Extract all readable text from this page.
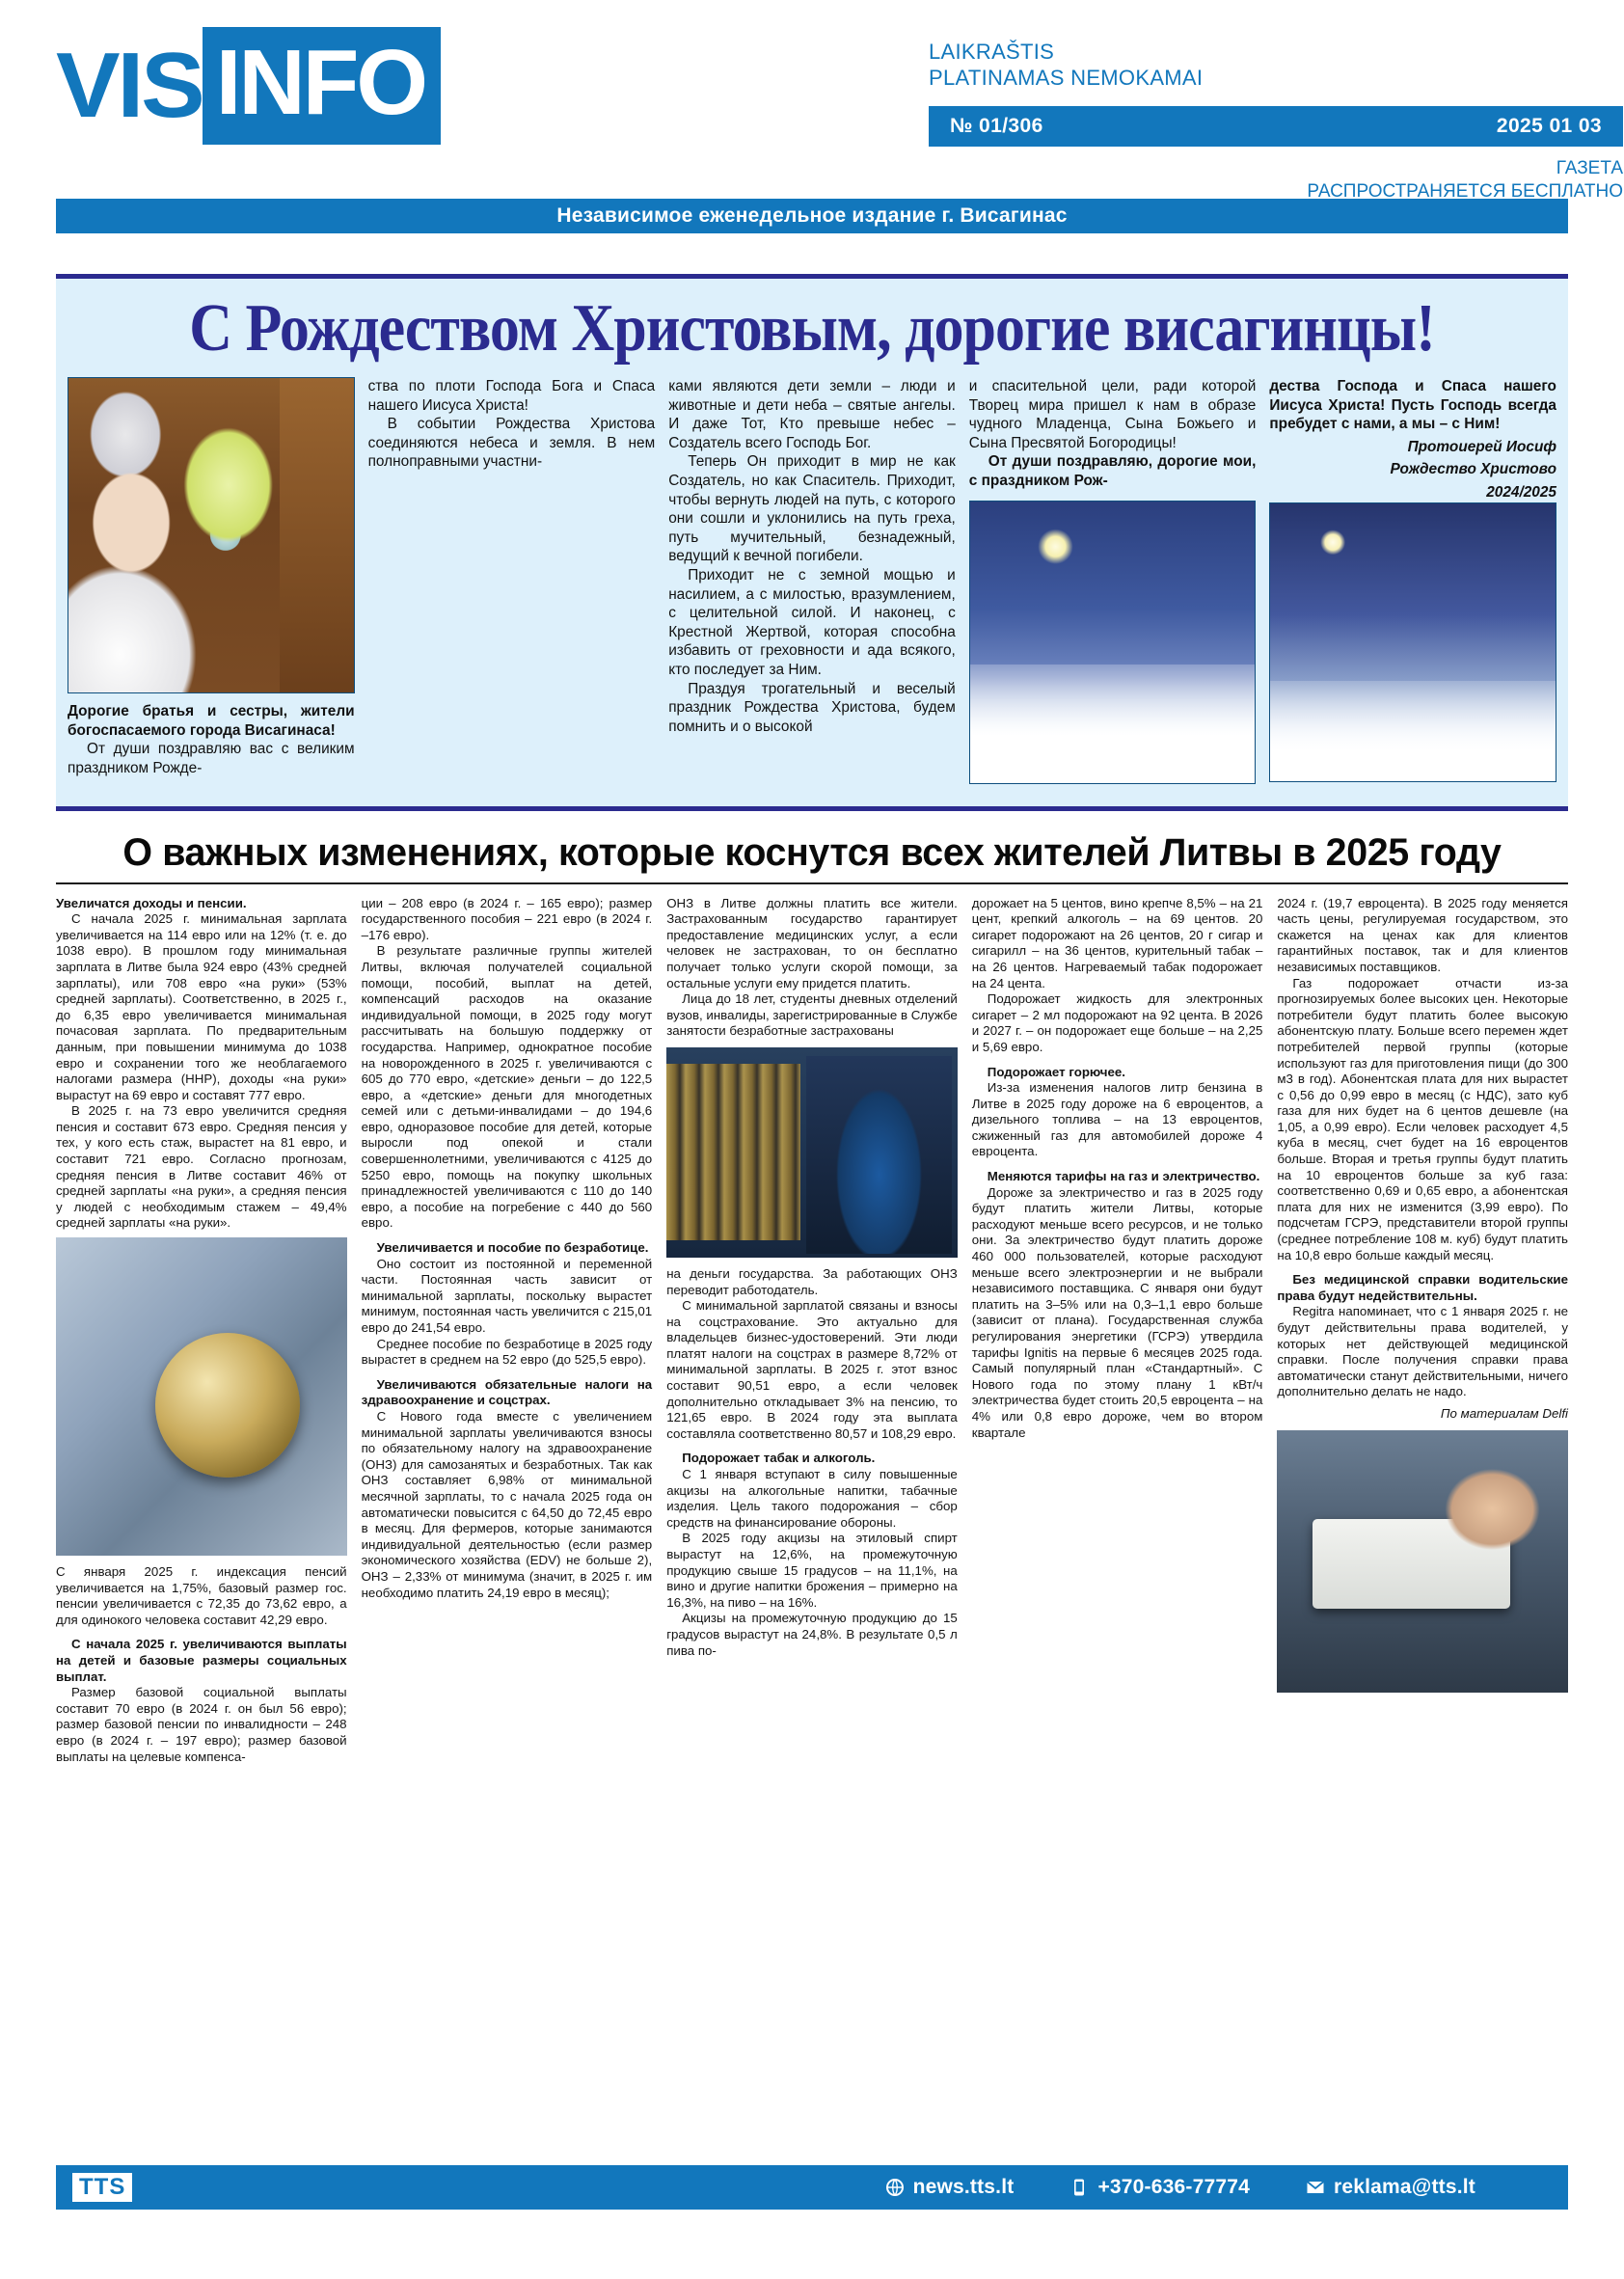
VIS INFO	LAIKRAŠTIS
PLATINAMAS NEMOKAMAI
№ 01/306	2025 01 03
ГАЗЕТА
РАСПРОСТРАНЯЕТСЯ БЕСПЛАТНО
Независимое еженедельное издание г. Висагинас
С Рождеством Христовым, дорогие висагинцы!

Дорогие братья и сестры, жители богоспасаемого города Висагинаса!

От души поздравляю вас с великим праздником Рожде-

ства по плоти Господа Бога и Спаса нашего Иисуса Христа!

В событии Рождества Христова соединяются небеса и земля. В нем полноправными участни-

ками являются дети земли – люди и животные и дети неба – святые ангелы. И даже Тот, Кто превыше небес – Создатель всего Господь Бог.

Теперь Он приходит в мир не как Создатель, но как Спаситель. Приходит, чтобы вернуть людей на путь, с которого они сошли и уклонились на путь греха, путь мучительный, безнадежный, ведущий к вечной погибели.

Приходит не с земной мощью и насилием, а с милостью, вразумлением, с целительной силой. И наконец, с Крестной Жертвой, которая способна избавить от греховности и ада всякого, кто последует за Ним.

Праздуя трогательный и веселый праздник Рождества Христова, будем помнить и о высокой

и спасительной цели, ради которой Творец мира пришел к нам в образе чудного Младенца, Сына Божьего и Сына Пресвятой Богородицы!

От души поздравляю, дорогие мои, с праздником Рож-

дества Господа и Спаса нашего Иисуса Христа! Пусть Господь всегда пребудет с нами, а мы – с Ним!

Протоиерей Иосиф
Рождество Христово
2024/2025
О важных изменениях, которые коснутся всех жителей Литвы в 2025 году

Увеличатся доходы и пенсии.

С начала 2025 г. минимальная зарплата увеличивается на 114 евро или на 12% (т. е. до 1038 евро). В прошлом году минимальная зарплата в Литве была 924 евро (43% средней зарплаты), или 708 евро «на руки» (53% средней зарплаты). Соответственно, в 2025 г., до 6,35 евро увеличивается минимальная почасовая зарплата. По предварительным данным, при повышении минимума до 1038 евро и сохранении того же необлагаемого налогами размера (ННР), доходы «на руки» вырастут на 69 евро и составят 777 евро.

В 2025 г. на 73 евро увеличится средняя пенсия и составит 673 евро. Средняя пенсия у тех, у кого есть стаж, вырастет на 81 евро, и составит 721 евро. Согласно прогнозам, средняя пенсия в Литве составит 46% от средней зарплаты «на руки», а средняя пенсия у людей с необходимым стажем – 49,4% средней зарплаты «на руки».

С января 2025 г. индексация пенсий увеличивается на 1,75%, базовый размер гос. пенсии увеличивается с 72,35 до 73,62 евро, а для одинокого человека составит 42,29 евро.

С начала 2025 г. увеличиваются выплаты на детей и базовые размеры социальных выплат.

Размер базовой социальной выплаты составит 70 евро (в 2024 г. он был 56 евро); размер базовой пенсии по инвалидности – 248 евро (в 2024 г. – 197 евро); размер базовой выплаты на целевые компенса-

ции – 208 евро (в 2024 г. – 165 евро); размер государственного пособия – 221 евро (в 2024 г. –176 евро).

В результате различные группы жителей Литвы, включая получателей социальной помощи, пособий, выплат на детей, компенсаций расходов на оказание индивидуальной помощи, в 2025 году могут рассчитывать на большую поддержку от государства. Например, однократное пособие на новорожденного в 2025 г. увеличиваются с 605 до 770 евро, «детские» деньги – до 122,5 евро, а «детские» деньги для многодетных семей или с детьми-инвалидами – до 194,6 евро, одноразовое пособие для детей, которые выросли под опекой и стали совершеннолетними, увеличиваются с 4125 до 5250 евро, помощь на покупку школьных принадлежностей увеличиваются с 110 до 140 евро, а пособие на погребение с 440 до 560 евро.

Увеличивается и пособие по безработице.

Оно состоит из постоянной и переменной части. Постоянная часть зависит от минимальной зарплаты, поскольку вырастет минимум, постоянная часть увеличится с 215,01 евро до 241,54 евро.

Среднее пособие по безработице в 2025 году вырастет в среднем на 52 евро (до 525,5 евро).

Увеличиваются обязательные налоги на здравоохранение и соцстрах.

С Нового года вместе с увеличением минимальной зарплаты увеличиваются взносы по обязательному налогу на здравоохранение (ОНЗ) для самозанятых и безработных. Так как ОНЗ составляет 6,98% от минимальной месячной зарплаты, то с начала 2025 года он автоматически повысится с 64,50 до 72,45 евро в месяц. Для фермеров, которые занимаются индивидуальной деятельностью (если размер экономического хозяйства (EDV) не больше 2), ОНЗ – 2,33% от минимума (значит, в 2025 г. им необходимо платить 24,19 евро в месяц);

ОНЗ в Литве должны платить все жители. Застрахованным государство гарантирует предоставление медицинских услуг, а если человек не застрахован, то он бесплатно получает только услуги скорой помощи, за остальные услуги ему придется платить.

Лица до 18 лет, студенты дневных отделений вузов, инвалиды, зарегистрированные в Службе занятости безработные застрахованы

на деньги государства. За работающих ОНЗ переводит работодатель.

С минимальной зарплатой связаны и взносы на соцстрахование. Это актуально для владельцев бизнес-удостоверений. Эти люди платят налоги на соцстрах в размере 8,72% от минимальной зарплаты. В 2025 г. этот взнос составит 90,51 евро, а если человек дополнительно откладывает 3% на пенсию, то 121,65 евро. В 2024 году эта выплата составляла соответственно 80,57 и 108,29 евро.

Подорожает табак и алкоголь.

С 1 января вступают в силу повышенные акцизы на алкогольные напитки, табачные изделия. Цель такого подорожания – сбор средств на финансирование обороны.

В 2025 году акцизы на этиловый спирт вырастут на 12,6%, на промежуточную продукцию свыше 15 градусов – на 11,1%, на вино и другие напитки брожения – примерно на 16,3%, на пиво – на 16%.

Акцизы на промежуточную продукцию до 15 градусов вырастут на 24,8%. В результате 0,5 л пива по-

дорожает на 5 центов, вино крепче 8,5% – на 21 цент, крепкий алкоголь – на 69 центов. 20 сигарет подорожают на 26 центов, 20 г сигар и сигарилл – на 36 центов, курительный табак – на 26 центов. Нагреваемый табак подорожает на 24 цента.

Подорожает жидкость для электронных сигарет – 2 мл подорожают на 92 цента. В 2026 и 2027 г. – он подорожает еще больше – на 2,25 и 5,69 евро.

Подорожает горючее.

Из-за изменения налогов литр бензина в Литве в 2025 году дороже на 6 евроцентов, а дизельного топлива – на 13 евроцентов, сжиженный газ для автомобилей дороже 4 евроцента.

Меняются тарифы на газ и электричество.

Дороже за электричество и газ в 2025 году будут платить жители Литвы, которые расходуют меньше всего ресурсов, и не только они. За электричество будут платить дороже 460 000 пользователей, которые расходуют меньше всего электроэнергии и не выбрали независимого поставщика. С января они будут платить на 3–5% или на 0,3–1,1 евро больше (зависит от плана). Государственная служба регулирования энергетики (ГСРЭ) утвердила тарифы Ignitis на первые 6 месяцев 2025 года. Самый популярный план «Стандартный». С Нового года по этому плану 1 кВт/ч электричества будет стоить 20,5 евроцента – на 4% или 0,8 евро дороже, чем во втором квартале

2024 г. (19,7 евроцента). В 2025 году меняется часть цены, регулируемая государством, это скажется на ценах как для клиентов гарантийных поставок, так и для клиентов независимых поставщиков.

Газ подорожает отчасти из-за прогнозируемых более высоких цен. Некоторые потребители будут платить более высокую абонентскую плату. Больше всего перемен ждет потребителей первой группы (которые используют газ для приготовления пищи (до 300 м3 в год). Абонентская плата для них вырастет с 0,56 до 0,99 евро в месяц (с НДС), зато куб газа для них будет на 6 центов дешевле (на 1,05, а 0,99 евро). Если человек расходует 4,5 куба в месяц, счет будет на 16 евроцентов больше. Вторая и третья группы будут платить на 10 евроцентов больше за куб газа: соответственно 0,69 и 0,65 евро, а абонентская плата для них не изменится (3,99 евро). По подсчетам ГСРЭ, представители второй группы (среднее потребление 108 м. куб) будут платить на 10,8 евро больше каждый месяц.

Без медицинской справки водительские права будут недействительны.

Regitra напоминает, что с 1 января 2025 г. не будут действительны права водителей, у которых нет действующей медицинской справки. После получения справки права автоматически станут действительными, ничего дополнительно делать не надо.

По материалам Delfi
TTS	news.tts.lt	+370-636-77774	reklama@tts.lt
